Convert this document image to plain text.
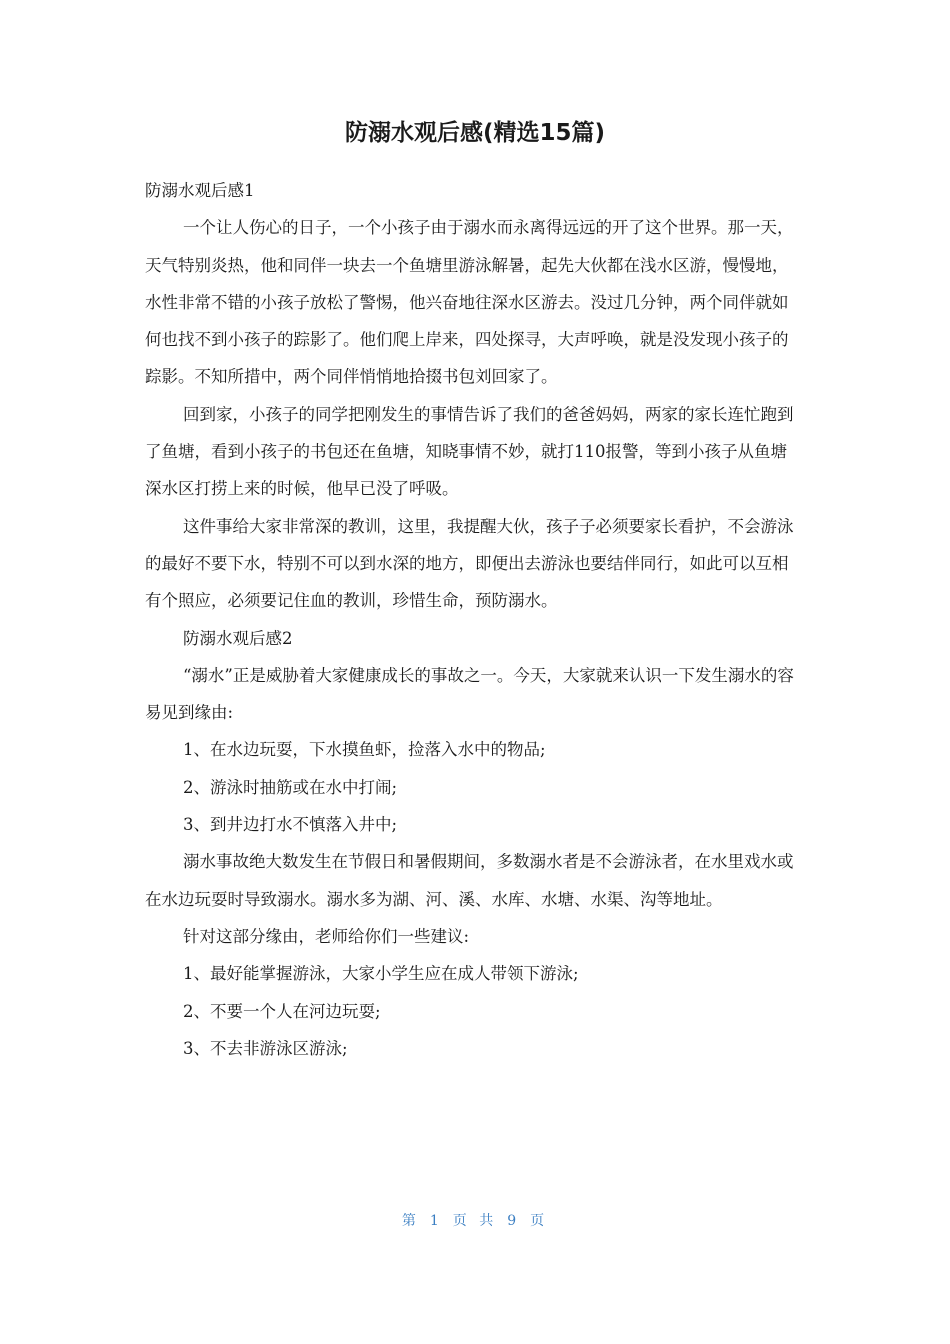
防溺水观后感(精选15篇)

防溺水观后感1

一个让人伤心的日子，一个小孩子由于溺水而永离得远远的开了这个世界。那一天，天气特别炎热，他和同伴一块去一个鱼塘里游泳解暑，起先大伙都在浅水区游，慢慢地，水性非常不错的小孩子放松了警惕，他兴奋地往深水区游去。没过几分钟，两个同伴就如何也找不到小孩子的踪影了。他们爬上岸来，四处探寻，大声呼唤，就是没发现小孩子的踪影。不知所措中，两个同伴悄悄地拾掇书包刘回家了。

回到家，小孩子的同学把刚发生的事情告诉了我们的爸爸妈妈，两家的家长连忙跑到了鱼塘，看到小孩子的书包还在鱼塘，知晓事情不妙，就打110报警，等到小孩子从鱼塘深水区打捞上来的时候，他早已没了呼吸。

这件事给大家非常深的教训，这里，我提醒大伙，孩子子必须要家长看护，不会游泳的最好不要下水，特别不可以到水深的地方，即便出去游泳也要结伴同行，如此可以互相有个照应，必须要记住血的教训，珍惜生命，预防溺水。

防溺水观后感2

“溺水”正是威胁着大家健康成长的事故之一。今天，大家就来认识一下发生溺水的容易见到缘由:

1、在水边玩耍，下水摸鱼虾，捡落入水中的物品;

2、游泳时抽筋或在水中打闹;

3、到井边打水不慎落入井中;

溺水事故绝大数发生在节假日和暑假期间，多数溺水者是不会游泳者，在水里戏水或在水边玩耍时导致溺水。溺水多为湖、河、溪、水库、水塘、水渠、沟等地址。

针对这部分缘由，老师给你们一些建议:

1、最好能掌握游泳，大家小学生应在成人带领下游泳;

2、不要一个人在河边玩耍;

3、不去非游泳区游泳;

第 1 页 共 9 页
